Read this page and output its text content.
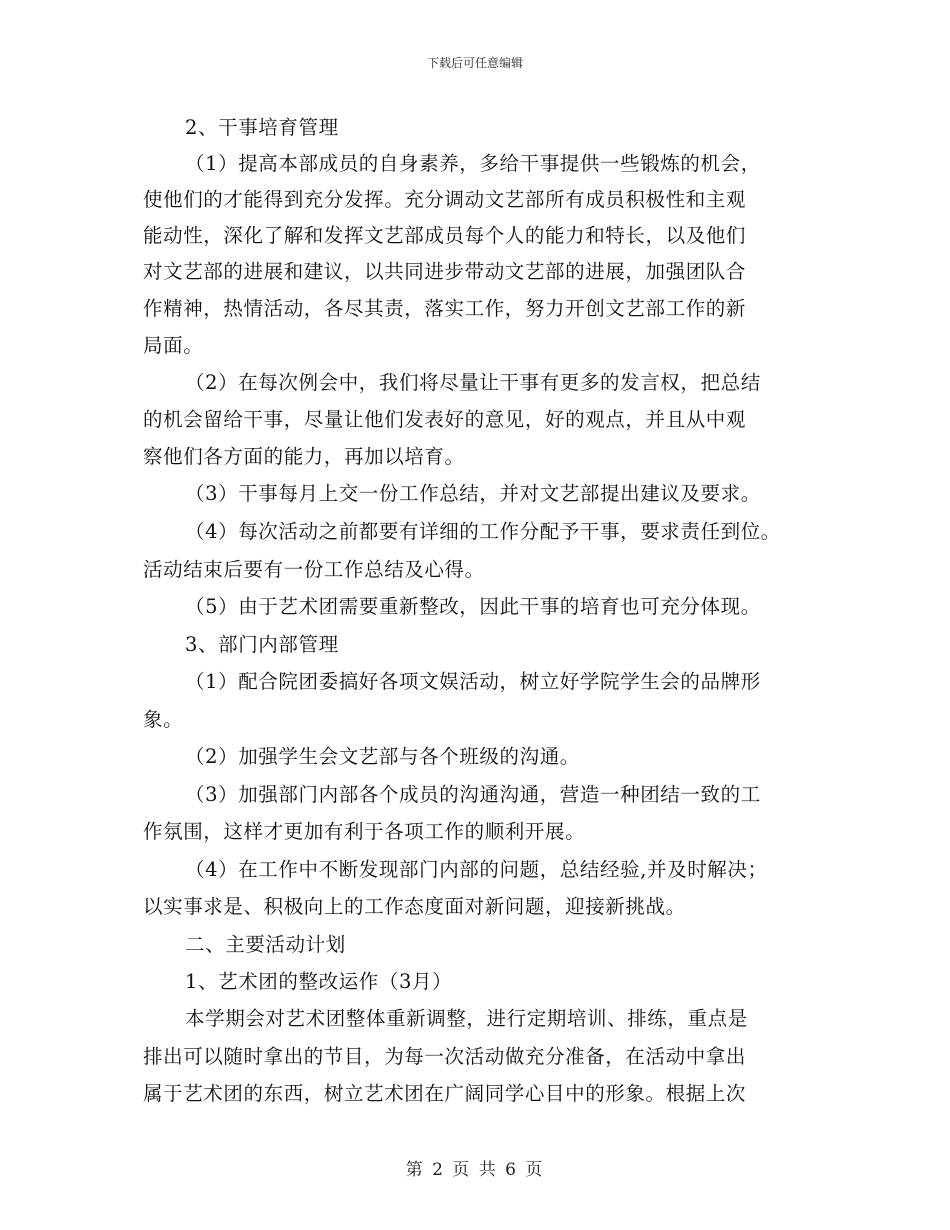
下载后可任意编辑
2、干事培育管理
（1）提高本部成员的自身素养，多给干事提供一些锻炼的机会，
使他们的才能得到充分发挥。充分调动文艺部所有成员积极性和主观
能动性，深化了解和发挥文艺部成员每个人的能力和特长，以及他们
对文艺部的进展和建议，以共同进步带动文艺部的进展，加强团队合
作精神，热情活动，各尽其责，落实工作，努力开创文艺部工作的新
局面。
（2）在每次例会中，我们将尽量让干事有更多的发言权，把总结
的机会留给干事，尽量让他们发表好的意见，好的观点，并且从中观
察他们各方面的能力，再加以培育。
（3）干事每月上交一份工作总结，并对文艺部提出建议及要求。
（4）每次活动之前都要有详细的工作分配予干事，要求责任到位。
活动结束后要有一份工作总结及心得。
（5）由于艺术团需要重新整改，因此干事的培育也可充分体现。
3、部门内部管理
（1）配合院团委搞好各项文娱活动，树立好学院学生会的品牌形
象。
（2）加强学生会文艺部与各个班级的沟通。
（3）加强部门内部各个成员的沟通沟通，营造一种团结一致的工
作氛围，这样才更加有利于各项工作的顺利开展。
（4）在工作中不断发现部门内部的问题，总结经验,并及时解决；
以实事求是、积极向上的工作态度面对新问题，迎接新挑战。
二、主要活动计划
1、艺术团的整改运作（3月）
本学期会对艺术团整体重新调整，进行定期培训、排练，重点是
排出可以随时拿出的节目，为每一次活动做充分准备，在活动中拿出
属于艺术团的东西，树立艺术团在广阔同学心目中的形象。根据上次
第 2 页 共 6 页
